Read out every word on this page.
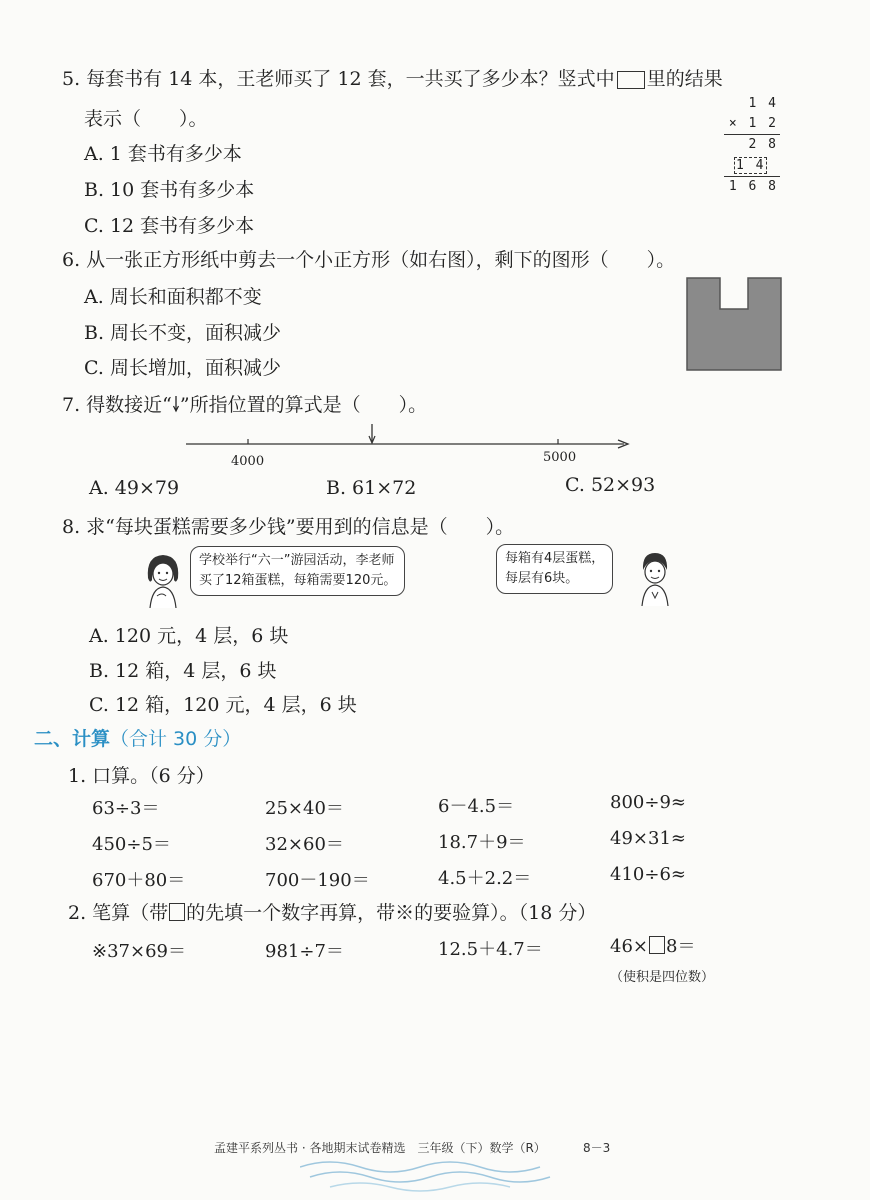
5. 每套书有 14 本，王老师买了 12 套，一共买了多少本？竖式中 里的结果
表示（　　）。
A. 1 套书有多少本
B. 10 套书有多少本
C. 12 套书有多少本
1 4
× 1 2
2 8
1 4
1 6 8
6. 从一张正方形纸中剪去一个小正方形（如右图），剩下的图形（　　）。
A. 周长和面积都不变
B. 周长不变，面积减少
C. 周长增加，面积减少
7. 得数接近“ ”所指位置的算式是（　　）。
4000	5000
A. 49×79	B. 61×72	C. 52×93
8. 求“每块蛋糕需要多少钱”要用到的信息是（　　）。
学校举行“六一”游园活动，李老师
买了12箱蛋糕，每箱需要120元。
每箱有4层蛋糕，
每层有6块。
A. 120 元，4 层，6 块
B. 12 箱，4 层，6 块
C. 12 箱，120 元，4 层，6 块
二、计算（合计 30 分）
1. 口算。（6 分）
63÷3＝	25×40＝	6－4.5＝	800÷9≈
450÷5＝	32×60＝	18.7＋9＝	49×31≈
670＋80＝	700－190＝	4.5＋2.2＝	410÷6≈
2. 笔算（带 的先填一个数字再算，带※的要验算）。（18 分）
※37×69＝	981÷7＝	12.5＋4.7＝	46× 8＝
（使积是四位数）
孟建平系列丛书 · 各地期末试卷精选　三年级（下）数学（R）	8－3
